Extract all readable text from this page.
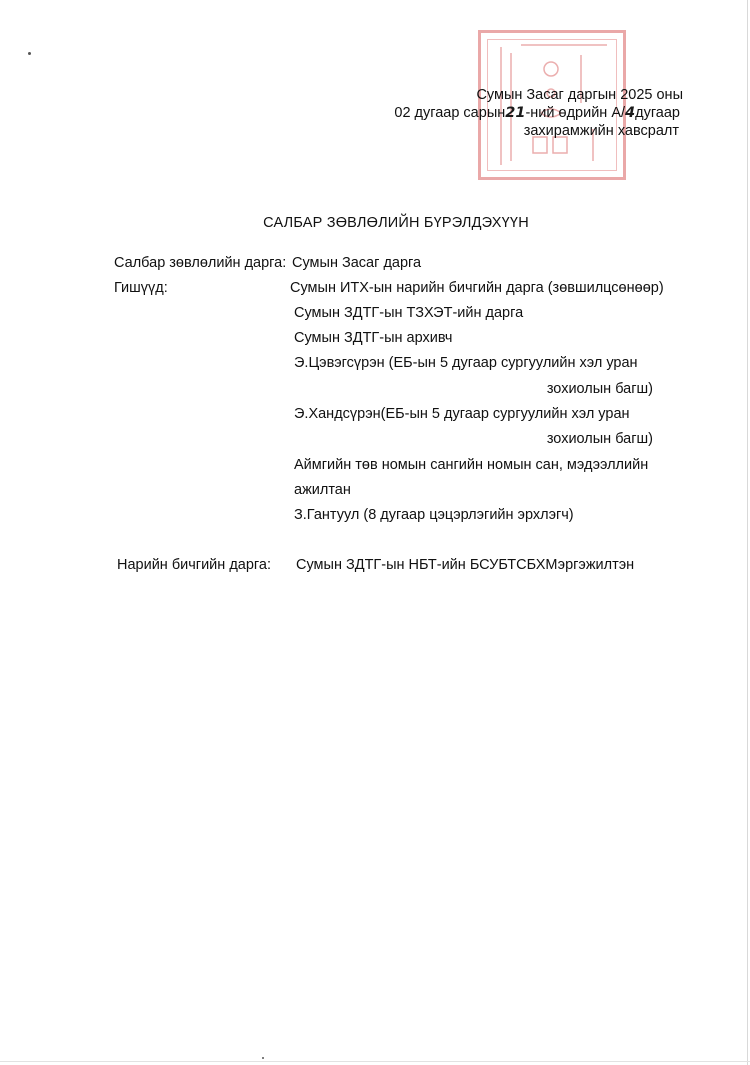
Сумын Засаг даргын 2025 оны
02 дугаар сарын21-ний өдрийн А/4дугаар
захирамжийн хавсралт
САЛБАР ЗӨВЛӨЛИЙН БҮРЭЛДЭХҮҮН
Салбар зөвлөлийн дарга: Сумын Засаг дарга
Гишүүд:	Сумын ИТХ-ын нарийн бичгийн дарга (зөвшилцсөнөөр)
Сумын ЗДТГ-ын ТЗХЭТ-ийн дарга
Сумын ЗДТГ-ын архивч
Э.Цэвэгсүрэн (ЕБ-ын 5 дугаар сургуулийн хэл уран
зохиолын багш)
Э.Хандсүрэн(ЕБ-ын 5 дугаар сургуулийн хэл уран
зохиолын багш)
Аймгийн төв номын сангийн номын сан, мэдээллийн
ажилтан
З.Гантуул (8 дугаар цэцэрлэгийн эрхлэгч)
Нарийн бичгийн дарга: Сумын ЗДТГ-ын НБТ-ийн БСУБТСБХМэргэжилтэн
